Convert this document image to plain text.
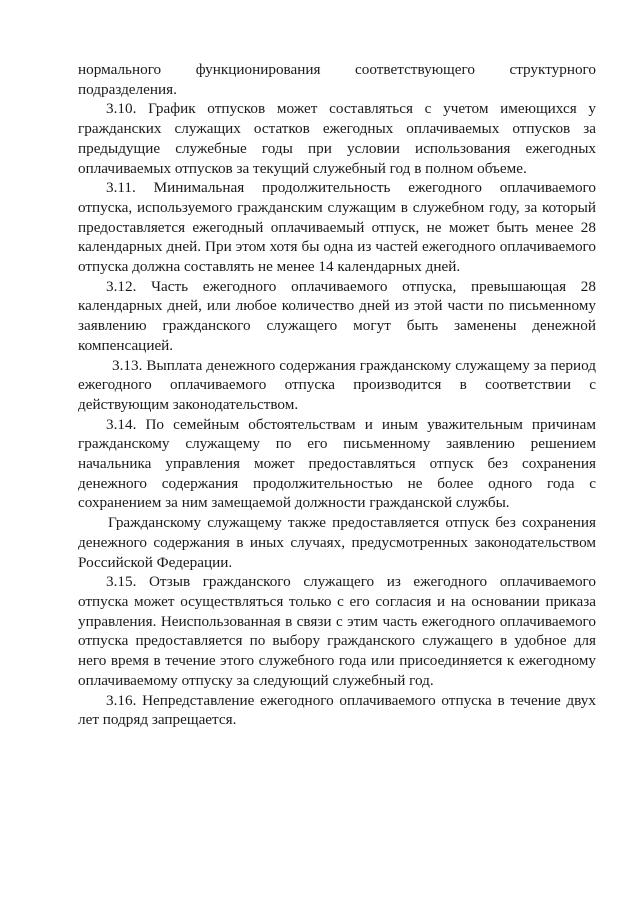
нормального функционирования соответствующего структурного подразделения.

3.10. График отпусков может составляться с учетом имеющихся у гражданских служащих остатков ежегодных оплачиваемых отпусков за предыдущие служебные годы при условии использования ежегодных оплачиваемых отпусков за текущий служебный год в полном объеме.

3.11. Минимальная продолжительность ежегодного оплачиваемого отпуска, используемого гражданским служащим в служебном году, за который предоставляется ежегодный оплачиваемый отпуск, не может быть менее 28 календарных дней. При этом хотя бы одна из частей ежегодного оплачиваемого отпуска должна составлять не менее 14 календарных дней.

3.12. Часть ежегодного оплачиваемого отпуска, превышающая 28 календарных дней, или любое количество дней из этой части по письменному заявлению гражданского служащего могут быть заменены денежной компенсацией.

3.13. Выплата денежного содержания гражданскому служащему за период ежегодного оплачиваемого отпуска производится в соответствии с действующим законодательством.

3.14. По семейным обстоятельствам и иным уважительным причинам гражданскому служащему по его письменному заявлению решением начальника управления может предоставляться отпуск без сохранения денежного содержания продолжительностью не более одного года с сохранением за ним замещаемой должности гражданской службы.

Гражданскому служащему также предоставляется отпуск без сохранения денежного содержания в иных случаях, предусмотренных законодательством Российской Федерации.

3.15. Отзыв гражданского служащего из ежегодного оплачиваемого отпуска может осуществляться только с его согласия и на основании приказа управления. Неиспользованная в связи с этим часть ежегодного оплачиваемого отпуска предоставляется по выбору гражданского служащего в удобное для него время в течение этого служебного года или присоединяется к ежегодному оплачиваемому отпуску за следующий служебный год.

3.16. Непредставление ежегодного оплачиваемого отпуска в течение двух лет подряд запрещается.
